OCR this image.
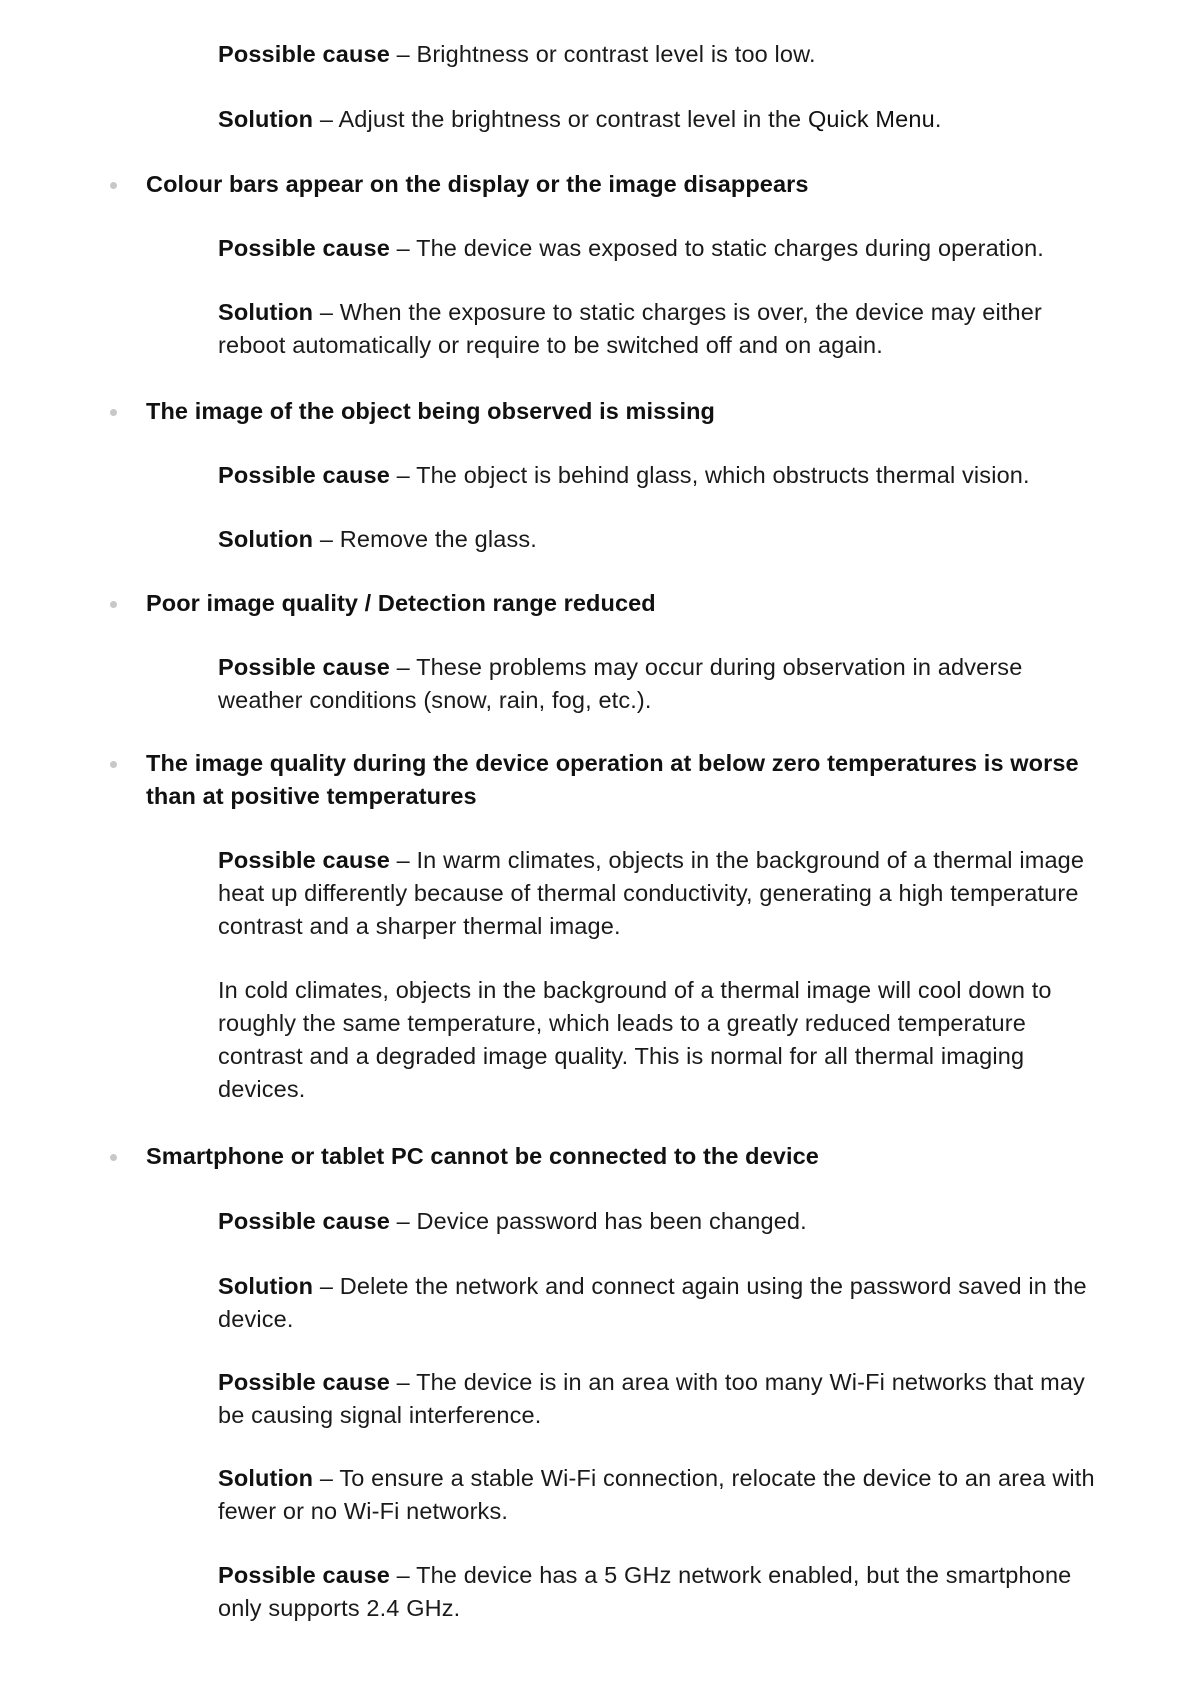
Possible cause – Brightness or contrast level is too low.
Solution – Adjust the brightness or contrast level in the Quick Menu.
Colour bars appear on the display or the image disappears
Possible cause – The device was exposed to static charges during operation.
Solution – When the exposure to static charges is over, the device may either reboot automatically or require to be switched off and on again.
The image of the object being observed is missing
Possible cause – The object is behind glass, which obstructs thermal vision.
Solution – Remove the glass.
Poor image quality / Detection range reduced
Possible cause – These problems may occur during observation in adverse weather conditions (snow, rain, fog, etc.).
The image quality during the device operation at below zero temperatures is worse than at positive temperatures
Possible cause – In warm climates, objects in the background of a thermal image heat up differently because of thermal conductivity, generating a high temperature contrast and a sharper thermal image.
In cold climates, objects in the background of a thermal image will cool down to roughly the same temperature, which leads to a greatly reduced temperature contrast and a degraded image quality. This is normal for all thermal imaging devices.
Smartphone or tablet PC cannot be connected to the device
Possible cause – Device password has been changed.
Solution – Delete the network and connect again using the password saved in the device.
Possible cause – The device is in an area with too many Wi-Fi networks that may be causing signal interference.
Solution – To ensure a stable Wi-Fi connection, relocate the device to an area with fewer or no Wi-Fi networks.
Possible cause – The device has a 5 GHz network enabled, but the smartphone only supports 2.4 GHz.
